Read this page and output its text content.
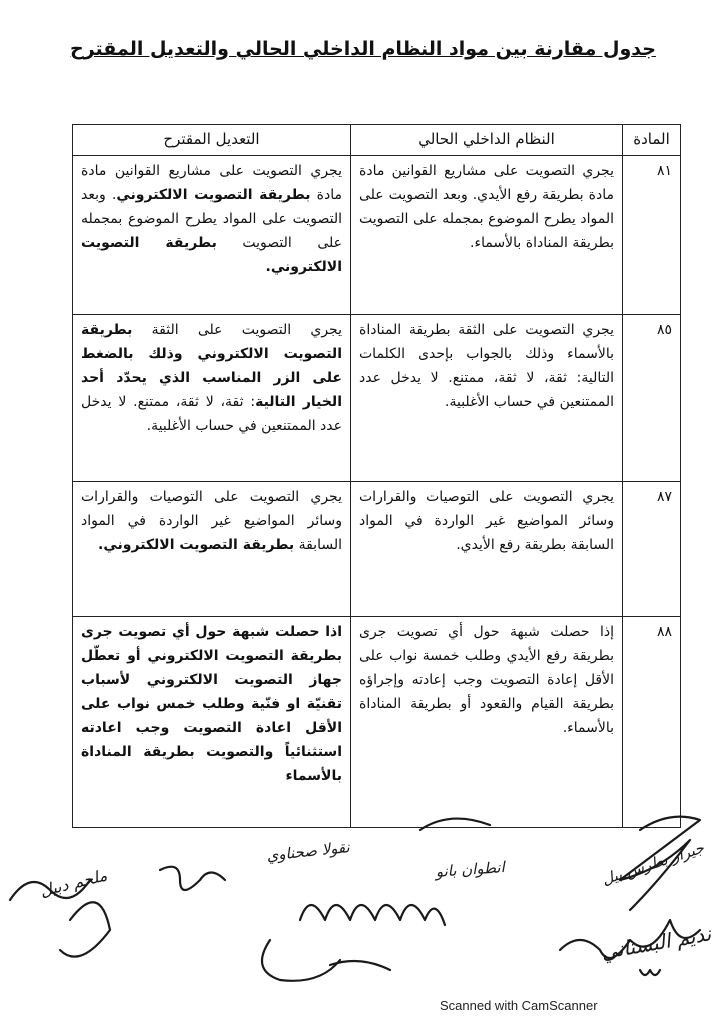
جدول مقارنة بين مواد النظام الداخلي الحالي والتعديل المقترح
المادة	النظام الداخلي الحالي	التعديل المقترح
٨١	يجري التصويت على مشاريع القوانين مادة مادة بطريقة رفع الأيدي. وبعد التصويت على المواد يطرح الموضوع بمجمله على التصويت بطريقة المناداة بالأسماء.	يجري التصويت على مشاريع القوانين مادة مادة بطريقة التصويت الالكتروني. وبعد التصويت على المواد يطرح الموضوع بمجمله على التصويت بطريقة التصويت الالكتروني.
٨٥	يجري التصويت على الثقة بطريقة المناداة بالأسماء وذلك بالجواب بإحدى الكلمات التالية: ثقة، لا ثقة، ممتنع. لا يدخل عدد الممتنعين في حساب الأغلبية.	يجري التصويت على الثقة بطريقة التصويت الالكتروني وذلك بالضغط على الزر المناسب الذي يحدّد أحد الخيار التالية: ثقة، لا ثقة، ممتنع. لا يدخل عدد الممتنعين في حساب الأغلبية.
٨٧	يجري التصويت على التوصيات والقرارات وسائر المواضيع غير الواردة في المواد السابقة بطريقة رفع الأيدي.	يجري التصويت على التوصيات والقرارات وسائر المواضيع غير الواردة في المواد السابقة بطريقة التصويت الالكتروني.
٨٨	إذا حصلت شبهة حول أي تصويت جرى بطريقة رفع الأيدي وطلب خمسة نواب على الأقل إعادة التصويت وجب إعادته وإجراؤه بطريقة القيام والقعود أو بطريقة المناداة بالأسماء.	اذا حصلت شبهة حول أي تصويت جرى بطريقة التصويت الالكتروني أو تعطّل جهاز التصويت الالكتروني لأسباب تقنيّة او فنّية وطلب خمس نواب على الأقل اعادة التصويت وجب اعادته استثنائياً والتصويت بطريقة المناداة بالأسماء
جيرار بطرس بيل
نقولا صحناوي
انطوان بانو
نديم البستاني
ملحم دبيل
Scanned with CamScanner
